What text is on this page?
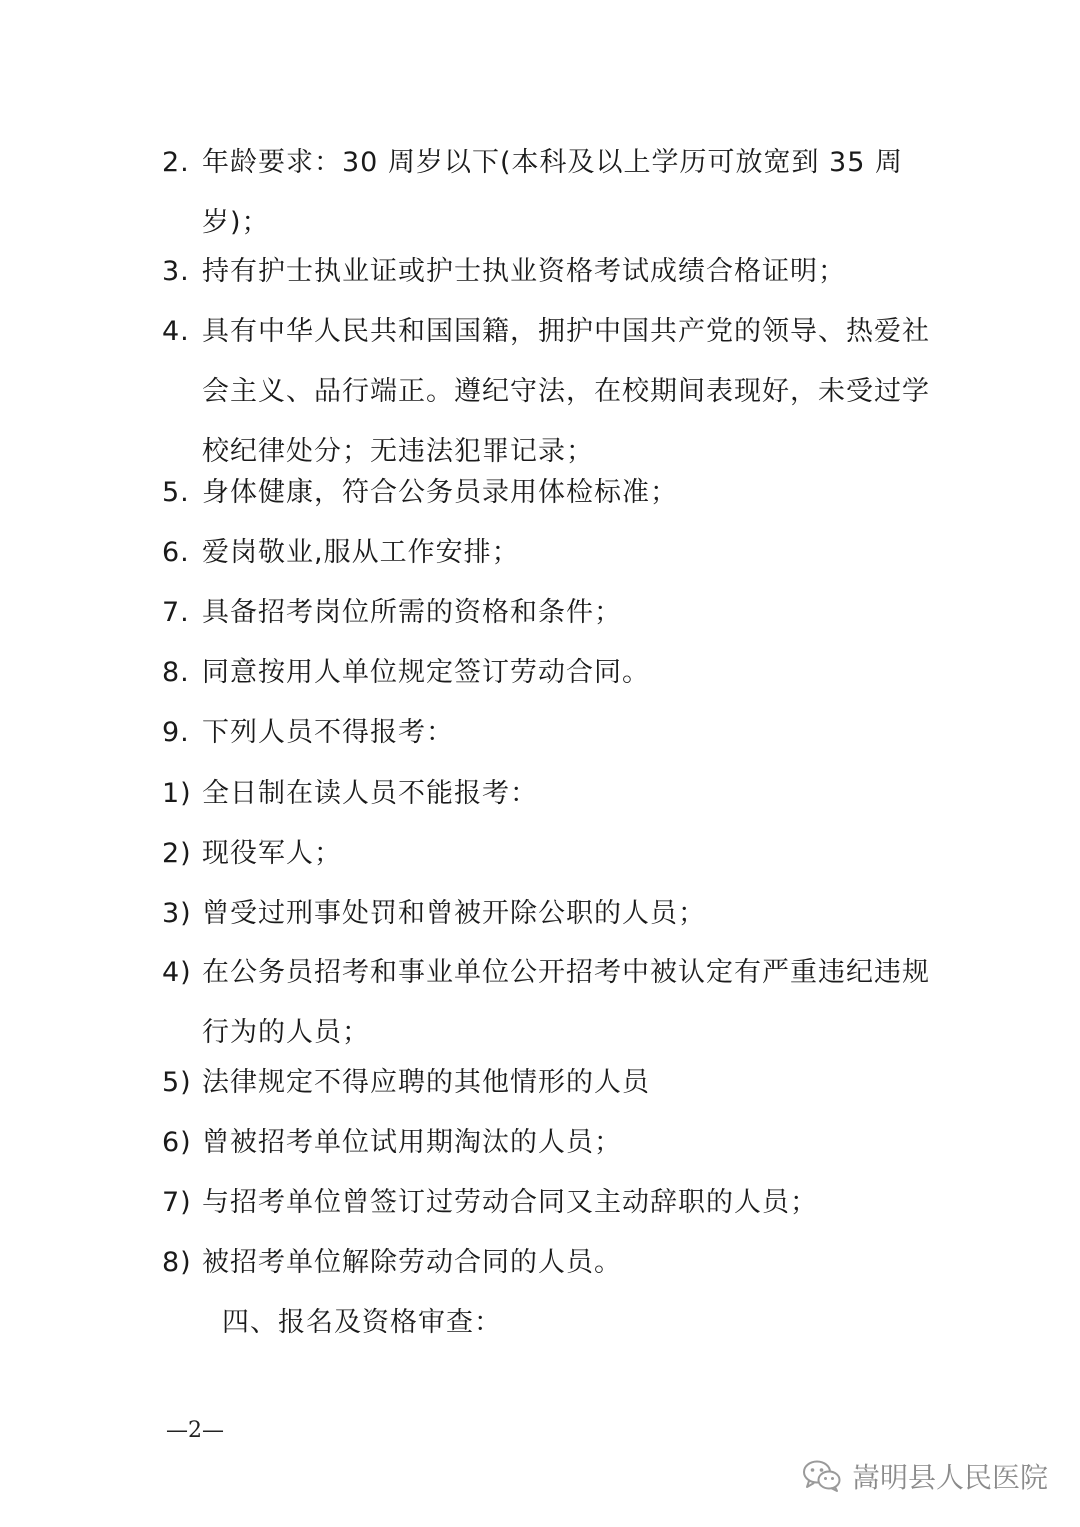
2. 年龄要求：30 周岁以下(本科及以上学历可放宽到 35 周岁)；
3. 持有护士执业证或护士执业资格考试成绩合格证明；
4. 具有中华人民共和国国籍，拥护中国共产党的领导、热爱社会主义、品行端正。遵纪守法，在校期间表现好，未受过学校纪律处分；无违法犯罪记录；
5. 身体健康，符合公务员录用体检标准；
6. 爱岗敬业,服从工作安排；
7. 具备招考岗位所需的资格和条件；
8. 同意按用人单位规定签订劳动合同。
9. 下列人员不得报考：
1) 全日制在读人员不能报考：
2) 现役军人；
3) 曾受过刑事处罚和曾被开除公职的人员；
4) 在公务员招考和事业单位公开招考中被认定有严重违纪违规行为的人员；
5) 法律规定不得应聘的其他情形的人员
6) 曾被招考单位试用期淘汰的人员；
7) 与招考单位曾签订过劳动合同又主动辞职的人员；
8) 被招考单位解除劳动合同的人员。
四、报名及资格审查：
—2—
嵩明县人民医院
